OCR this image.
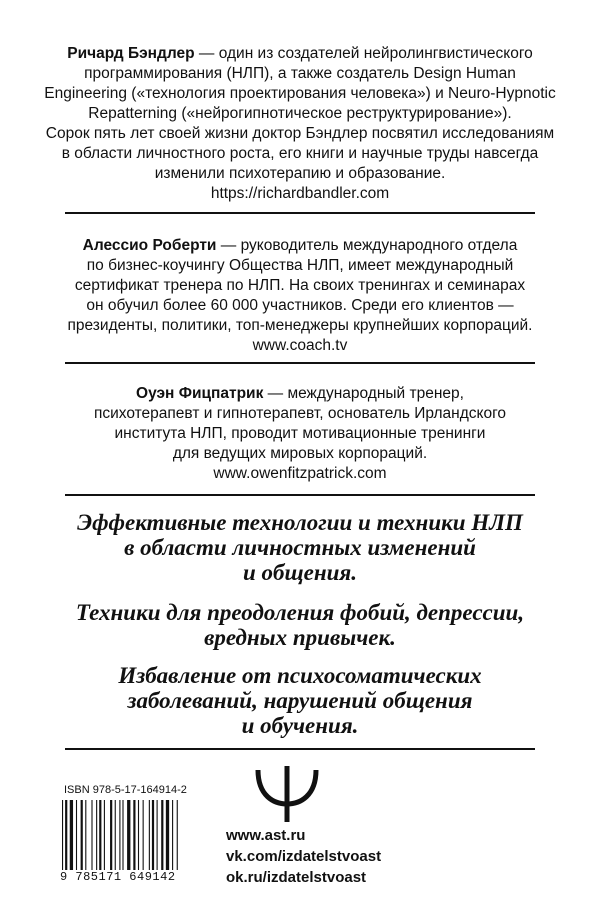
Ричард Бэндлер — один из создателей нейролингвистического
программирования (НЛП), а также создатель Design Human
Engineering («технология проектирования человека») и Neuro-Hypnotic
Repatterning («нейрогипнотическое реструктурирование»).
Сорок пять лет своей жизни доктор Бэндлер посвятил исследованиям
в области личностного роста, его книги и научные труды навсегда
изменили психотерапию и образование.
https://richardbandler.com
Алессио Роберти — руководитель международного отдела
по бизнес-коучингу Общества НЛП, имеет международный
сертификат тренера по НЛП. На своих тренингах и семинарах
он обучил более 60 000 участников. Среди его клиентов —
президенты, политики, топ-менеджеры крупнейших корпораций.
www.coach.tv
Оуэн Фицпатрик — международный тренер,
психотерапевт и гипнотерапевт, основатель Ирландского
института НЛП, проводит мотивационные тренинги
для ведущих мировых корпораций.
www.owenfitzpatrick.com
Эффективные технологии и техники НЛП
в области личностных изменений
и общения.
Техники для преодоления фобий, депрессии,
вредных привычек.
Избавление от психосоматических
заболеваний, нарушений общения
и обучения.
ISBN 978-5-17-164914-2
9 785171 649142
www.ast.ru
vk.com/izdatelstvoast
ok.ru/izdatelstvoast
